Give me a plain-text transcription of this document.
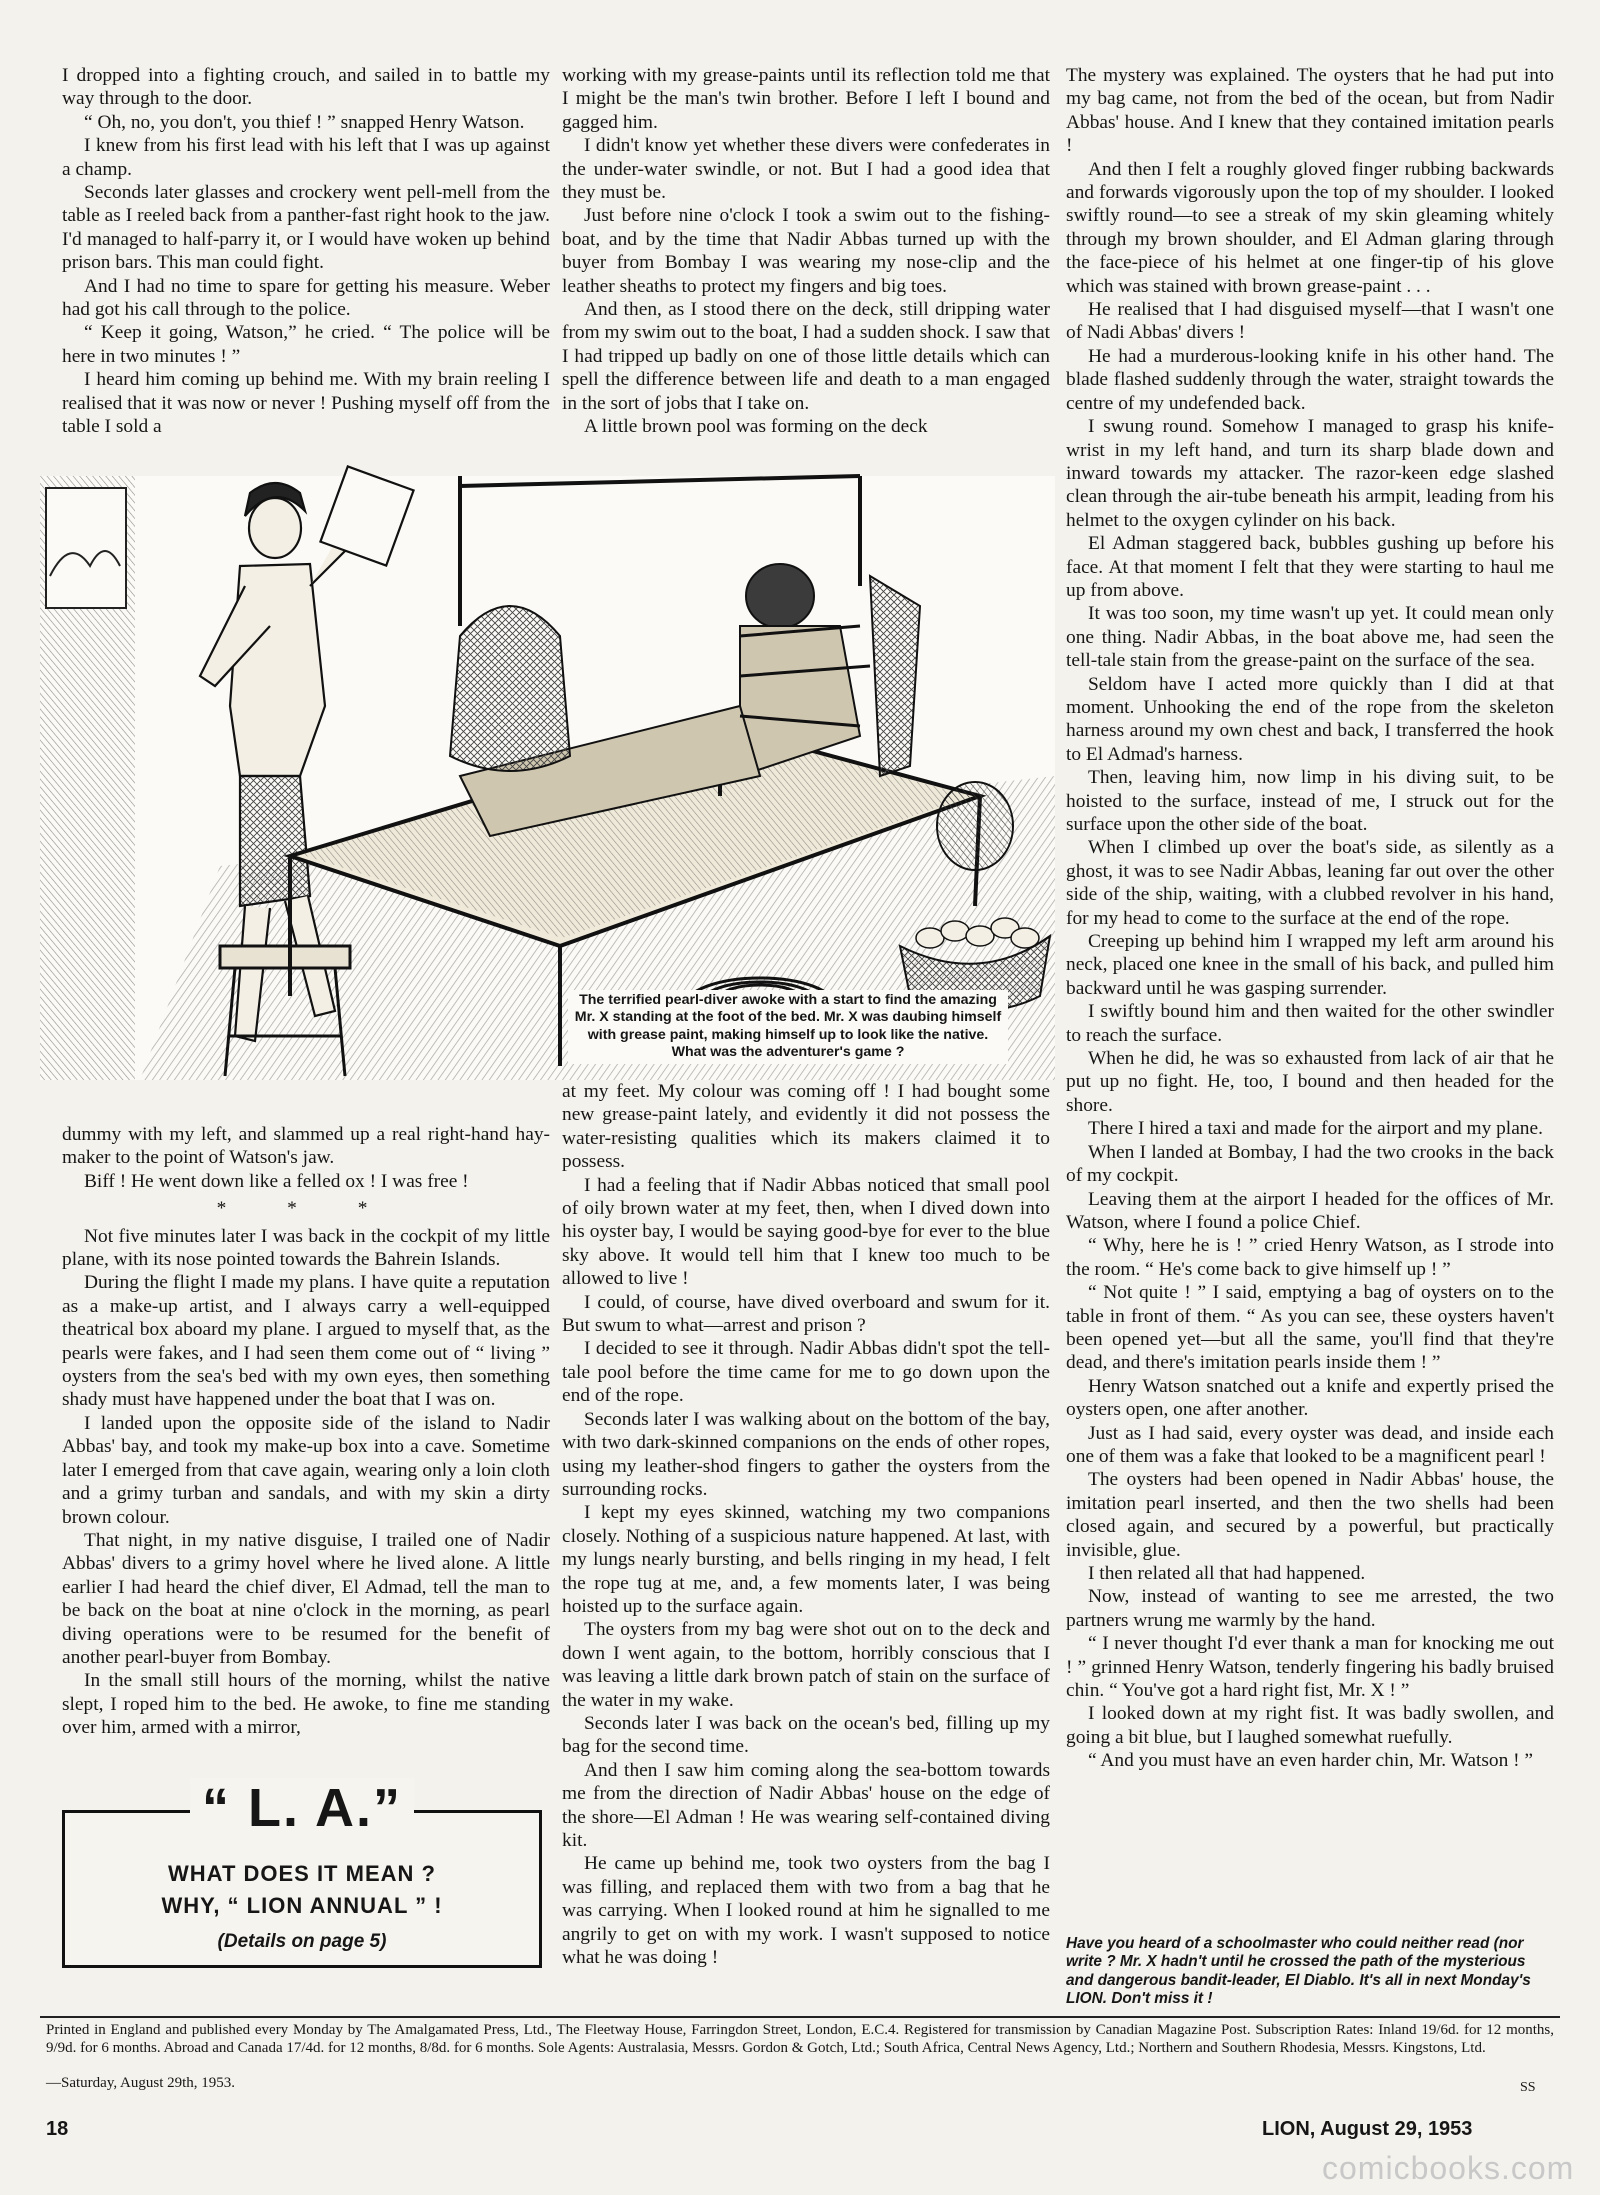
I dropped into a fighting crouch, and sailed in to battle my way through to the door.

“ Oh, no, you don't, you thief ! ” snapped Henry Watson.

I knew from his first lead with his left that I was up against a champ.

Seconds later glasses and crockery went pell-mell from the table as I reeled back from a panther-fast right hook to the jaw. I'd managed to half-parry it, or I would have woken up behind prison bars. This man could fight.

And I had no time to spare for getting his measure. Weber had got his call through to the police.

“ Keep it going, Watson,” he cried. “ The police will be here in two minutes ! ”

I heard him coming up behind me. With my brain reeling I realised that it was now or never ! Pushing myself off from the table I sold a

working with my grease-paints until its reflection told me that I might be the man's twin brother. Before I left I bound and gagged him.

I didn't know yet whether these divers were confederates in the under-water swindle, or not. But I had a good idea that they must be.

Just before nine o'clock I took a swim out to the fishing-boat, and by the time that Nadir Abbas turned up with the buyer from Bombay I was wearing my nose-clip and the leather sheaths to protect my fingers and big toes.

And then, as I stood there on the deck, still dripping water from my swim out to the boat, I had a sudden shock. I saw that I had tripped up badly on one of those little details which can spell the difference between life and death to a man engaged in the sort of jobs that I take on.

A little brown pool was forming on the deck

The mystery was explained. The oysters that he had put into my bag came, not from the bed of the ocean, but from Nadir Abbas' house. And I knew that they contained imitation pearls !

And then I felt a roughly gloved finger rubbing backwards and forwards vigorously upon the top of my shoulder. I looked swiftly round—to see a streak of my skin gleaming whitely through my brown shoulder, and El Adman glaring through the face-piece of his helmet at one finger-tip of his glove which was stained with brown grease-paint . . .

He realised that I had disguised myself—that I wasn't one of Nadi Abbas' divers !

He had a murderous-looking knife in his other hand. The blade flashed suddenly through the water, straight towards the centre of my undefended back.

I swung round. Somehow I managed to grasp his knife-wrist in my left hand, and turn its sharp blade down and inward towards my attacker. The razor-keen edge slashed clean through the air-tube beneath his armpit, leading from his helmet to the oxygen cylinder on his back.

El Adman staggered back, bubbles gushing up before his face. At that moment I felt that they were starting to haul me up from above.

It was too soon, my time wasn't up yet. It could mean only one thing. Nadir Abbas, in the boat above me, had seen the tell-tale stain from the grease-paint on the surface of the sea.

Seldom have I acted more quickly than I did at that moment. Unhooking the end of the rope from the skeleton harness around my own chest and back, I transferred the hook to El Admad's harness.

Then, leaving him, now limp in his diving suit, to be hoisted to the surface, instead of me, I struck out for the surface upon the other side of the boat.

When I climbed up over the boat's side, as silently as a ghost, it was to see Nadir Abbas, leaning far out over the other side of the ship, waiting, with a clubbed revolver in his hand, for my head to come to the surface at the end of the rope.

Creeping up behind him I wrapped my left arm around his neck, placed one knee in the small of his back, and pulled him backward until he was gasping surrender.

I swiftly bound him and then waited for the other swindler to reach the surface.

When he did, he was so exhausted from lack of air that he put up no fight. He, too, I bound and then headed for the shore.

There I hired a taxi and made for the airport and my plane.

When I landed at Bombay, I had the two crooks in the back of my cockpit.

Leaving them at the airport I headed for the offices of Mr. Watson, where I found a police Chief.

“ Why, here he is ! ” cried Henry Watson, as I strode into the room. “ He's come back to give himself up ! ”

“ Not quite ! ” I said, emptying a bag of oysters on to the table in front of them. “ As you can see, these oysters haven't been opened yet—but all the same, you'll find that they're dead, and there's imitation pearls inside them ! ”

Henry Watson snatched out a knife and expertly prised the oysters open, one after another.

Just as I had said, every oyster was dead, and inside each one of them was a fake that looked to be a magnificent pearl !

The oysters had been opened in Nadir Abbas' house, the imitation pearl inserted, and then the two shells had been closed again, and secured by a powerful, but practically invisible, glue.

I then related all that had happened.

Now, instead of wanting to see me arrested, the two partners wrung me warmly by the hand.

“ I never thought I'd ever thank a man for knocking me out ! ” grinned Henry Watson, tenderly fingering his badly bruised chin. “ You've got a hard right fist, Mr. X ! ”

I looked down at my right fist. It was badly swollen, and going a bit blue, but I laughed somewhat ruefully.

“ And you must have an even harder chin, Mr. Watson ! ”

The terrified pearl-diver awoke with a start to find the amazing Mr. X standing at the foot of the bed. Mr. X was daubing himself with grease paint, making himself up to look like the native. What was the adventurer's game ?

dummy with my left, and slammed up a real right-hand hay-maker to the point of Watson's jaw.

Biff ! He went down like a felled ox ! I was free !

* * *

Not five minutes later I was back in the cockpit of my little plane, with its nose pointed towards the Bahrein Islands.

During the flight I made my plans. I have quite a reputation as a make-up artist, and I always carry a well-equipped theatrical box aboard my plane. I argued to myself that, as the pearls were fakes, and I had seen them come out of “ living ” oysters from the sea's bed with my own eyes, then something shady must have happened under the boat that I was on.

I landed upon the opposite side of the island to Nadir Abbas' bay, and took my make-up box into a cave. Sometime later I emerged from that cave again, wearing only a loin cloth and a grimy turban and sandals, and with my skin a dirty brown colour.

That night, in my native disguise, I trailed one of Nadir Abbas' divers to a grimy hovel where he lived alone. A little earlier I had heard the chief diver, El Admad, tell the man to be back on the boat at nine o'clock in the morning, as pearl diving operations were to be resumed for the benefit of another pearl-buyer from Bombay.

In the small still hours of the morning, whilst the native slept, I roped him to the bed. He awoke, to fine me standing over him, armed with a mirror,

at my feet. My colour was coming off ! I had bought some new grease-paint lately, and evidently it did not possess the water-resisting qualities which its makers claimed it to possess.

I had a feeling that if Nadir Abbas noticed that small pool of oily brown water at my feet, then, when I dived down into his oyster bay, I would be saying good-bye for ever to the blue sky above. It would tell him that I knew too much to be allowed to live !

I could, of course, have dived overboard and swum for it. But swum to what—arrest and prison ?

I decided to see it through. Nadir Abbas didn't spot the tell-tale pool before the time came for me to go down upon the end of the rope.

Seconds later I was walking about on the bottom of the bay, with two dark-skinned companions on the ends of other ropes, using my leather-shod fingers to gather the oysters from the surrounding rocks.

I kept my eyes skinned, watching my two companions closely. Nothing of a suspicious nature happened. At last, with my lungs nearly bursting, and bells ringing in my head, I felt the rope tug at me, and, a few moments later, I was being hoisted up to the surface again.

The oysters from my bag were shot out on to the deck and down I went again, to the bottom, horribly conscious that I was leaving a little dark brown patch of stain on the surface of the water in my wake.

Seconds later I was back on the ocean's bed, filling up my bag for the second time.

And then I saw him coming along the sea-bottom towards me from the direction of Nadir Abbas' house on the edge of the shore—El Adman ! He was wearing self-contained diving kit.

He came up behind me, took two oysters from the bag I was filling, and replaced them with two from a bag that he was carrying. When I looked round at him he signalled to me angrily to get on with my work. I wasn't supposed to notice what he was doing !

“ L. A.”
WHAT DOES IT MEAN ?
WHY, “ LION ANNUAL ” !
(Details on page 5)	Have you heard of a schoolmaster who could neither read (nor write ? Mr. X hadn't until he crossed the path of the mysterious and dangerous bandit-leader, El Diablo. It's all in next Monday's LION. Don't miss it !
Printed in England and published every Monday by The Amalgamated Press, Ltd., The Fleetway House, Farringdon Street, London, E.C.4. Registered for transmission by Canadian Magazine Post. Subscription Rates: Inland 19/6d. for 12 months, 9/9d. for 6 months. Abroad and Canada 17/4d. for 12 months, 8/8d. for 6 months. Sole Agents: Australasia, Messrs. Gordon & Gotch, Ltd.; South Africa, Central News Agency, Ltd.; Northern and Southern Rhodesia, Messrs. Kingstons, Ltd.
—Saturday, August 29th, 1953.	SS
18	LION, August 29, 1953
comicbooks.com
